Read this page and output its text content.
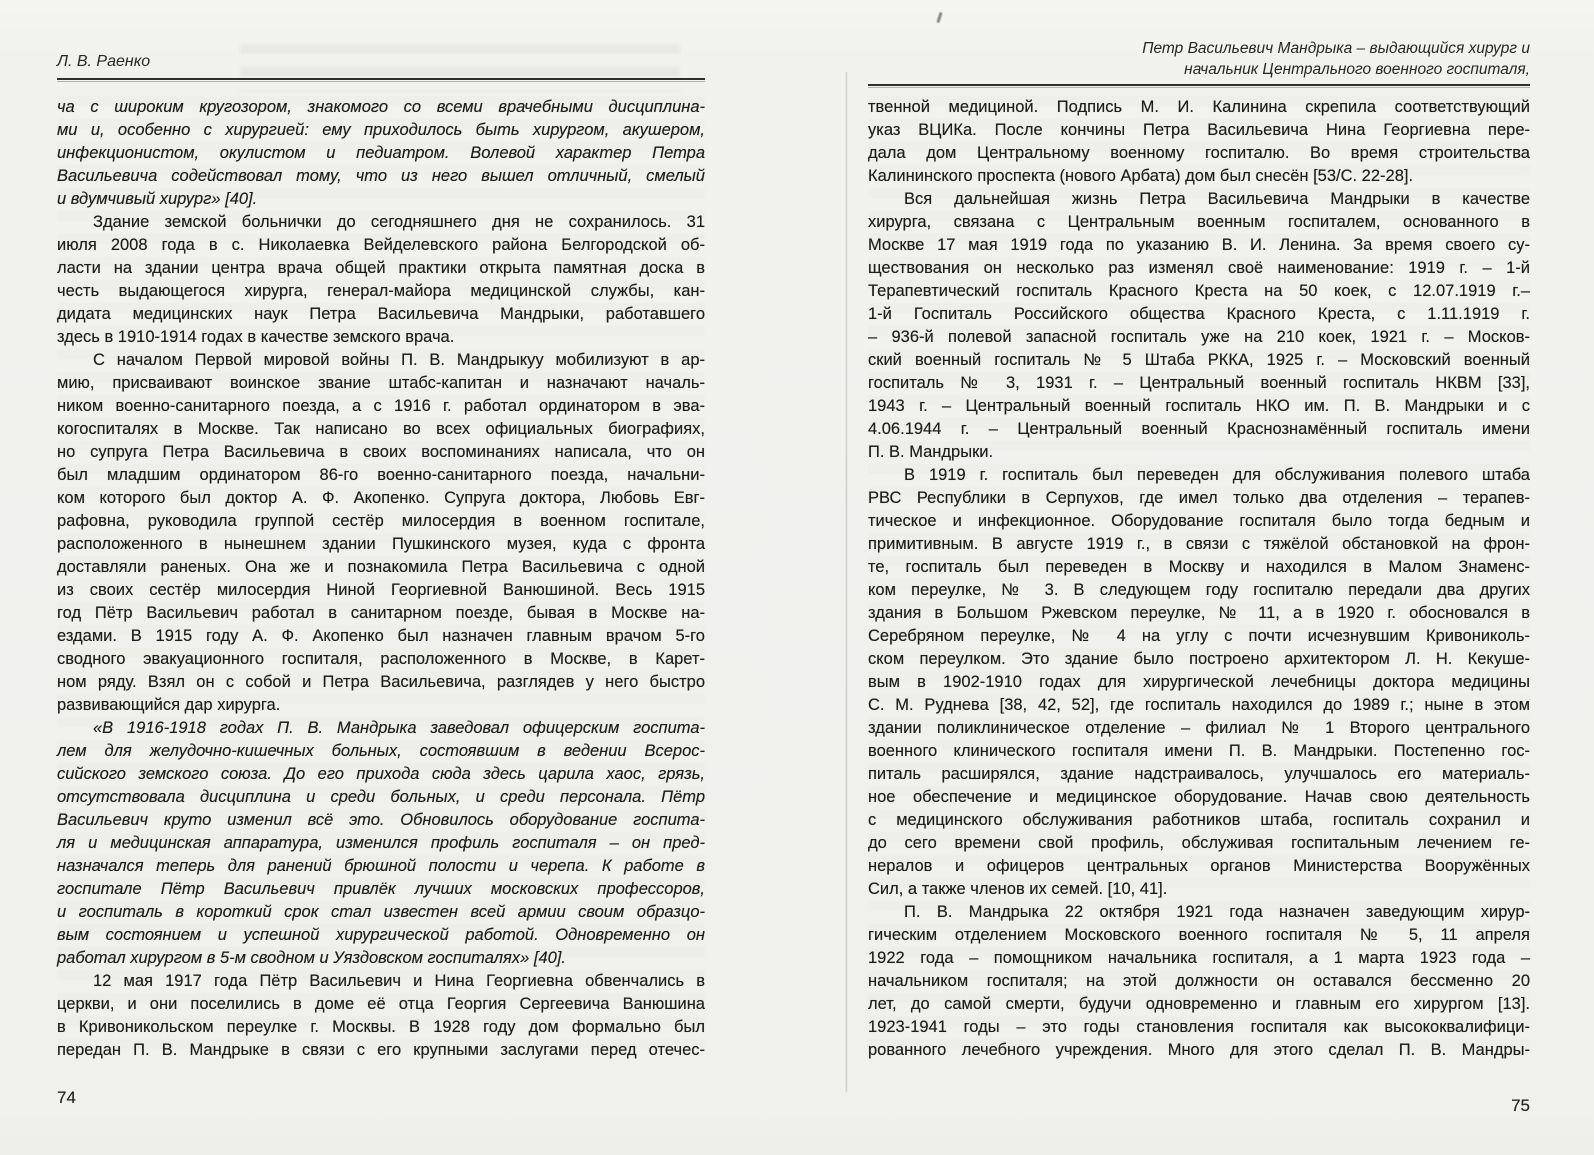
Л. В. Раенко
ча с широким кругозором, знакомого со всеми врачебными дисциплина-
ми и, особенно с хирургией: ему приходилось быть хирургом, акушером,
инфекционистом, окулистом и педиатром. Волевой характер Петра
Васильевича содействовал тому, что из него вышел отличный, смелый
и вдумчивый хирург» [40].
Здание земской больнички до сегодняшнего дня не сохранилось. 31
июля 2008 года в с. Николаевка Вейделевского района Белгородской об-
ласти на здании центра врача общей практики открыта памятная доска в
честь выдающегося хирурга, генерал-майора медицинской службы, кан-
дидата медицинских наук Петра Васильевича Мандрыки, работавшего
здесь в 1910-1914 годах в качестве земского врача.
С началом Первой мировой войны П. В. Мандрыкуу мобилизуют в ар-
мию, присваивают воинское звание штабс-капитан и назначают началь-
ником военно-санитарного поезда, а с 1916 г. работал ординатором в эва-
когоспиталях в Москве. Так написано во всех официальных биографиях,
но супруга Петра Васильевича в своих воспоминаниях написала, что он
был младшим ординатором 86-го военно-санитарного поезда, начальни-
ком которого был доктор А. Ф. Акопенко. Супруга доктора, Любовь Евг-
рафовна, руководила группой сестёр милосердия в военном госпитале,
расположенного в нынешнем здании Пушкинского музея, куда с фронта
доставляли раненых. Она же и познакомила Петра Васильевича с одной
из своих сестёр милосердия Ниной Георгиевной Ванюшиной. Весь 1915
год Пётр Васильевич работал в санитарном поезде, бывая в Москве на-
ездами. В 1915 году А. Ф. Акопенко был назначен главным врачом 5-го
сводного эвакуационного госпиталя, расположенного в Москве, в Карет-
ном ряду. Взял он с собой и Петра Васильевича, разглядев у него быстро
развивающийся дар хирурга.
«В 1916-1918 годах П. В. Мандрыка заведовал офицерским госпита-
лем для желудочно-кишечных больных, состоявшим в ведении Всерос-
сийского земского союза. До его прихода сюда здесь царила хаос, грязь,
отсутствовала дисциплина и среди больных, и среди персонала. Пётр
Васильевич круто изменил всё это. Обновилось оборудование госпита-
ля и медицинская аппаратура, изменился профиль госпиталя – он пред-
назначался теперь для ранений брюшной полости и черепа. К работе в
госпитале Пётр Васильевич привлёк лучших московских профессоров,
и госпиталь в короткий срок стал известен всей армии своим образцо-
вым состоянием и успешной хирургической работой. Одновременно он
работал хирургом в 5-м сводном и Уяздовском госпиталях» [40].
12 мая 1917 года Пётр Васильевич и Нина Георгиевна обвенчались в
церкви, и они поселились в доме её отца Георгия Сергеевича Ванюшина
в Кривоникольском переулке г. Москвы. В 1928 году дом формально был
передан П. В. Мандрыке в связи с его крупными заслугами перед отечес-
74
Петр Васильевич Мандрыка – выдающийся хирург и
начальник Центрального военного госпиталя,
твенной медициной. Подпись М. И. Калинина скрепила соответствующий
указ ВЦИКа. После кончины Петра Васильевича Нина Георгиевна пере-
дала дом Центральному военному госпиталю. Во время строительства
Калининского проспекта (нового Арбата) дом был снесён [53/С. 22-28].
Вся дальнейшая жизнь Петра Васильевича Мандрыки в качестве
хирурга, связана с Центральным военным госпиталем, основанного в
Москве 17 мая 1919 года по указанию В. И. Ленина. За время своего су-
ществования он несколько раз изменял своё наименование: 1919 г. – 1-й
Терапевтический госпиталь Красного Креста на 50 коек, с 12.07.1919 г.–
1-й Госпиталь Российского общества Красного Креста, с 1.11.1919 г.
– 936-й полевой запасной госпиталь уже на 210 коек, 1921 г. – Москов-
ский военный госпиталь № 5 Штаба РККА, 1925 г. – Московский военный
госпиталь № 3, 1931 г. – Центральный военный госпиталь НКВМ [33],
1943 г. – Центральный военный госпиталь НКО им. П. В. Мандрыки и с
4.06.1944 г. – Центральный военный Краснознамённый госпиталь имени
П. В. Мандрыки.
В 1919 г. госпиталь был переведен для обслуживания полевого штаба
РВС Республики в Серпухов, где имел только два отделения – терапев-
тическое и инфекционное. Оборудование госпиталя было тогда бедным и
примитивным. В августе 1919 г., в связи с тяжёлой обстановкой на фрон-
те, госпиталь был переведен в Москву и находился в Малом Знаменс-
ком переулке, № 3. В следующем году госпиталю передали два других
здания в Большом Ржевском переулке, № 11, а в 1920 г. обосновался в
Серебряном переулке, № 4 на углу с почти исчезнувшим Кривониколь-
ском переулком. Это здание было построено архитектором Л. Н. Кекуше-
вым в 1902-1910 годах для хирургической лечебницы доктора медицины
С. М. Руднева [38, 42, 52], где госпиталь находился до 1989 г.; ныне в этом
здании поликлиническое отделение – филиал № 1 Второго центрального
военного клинического госпиталя имени П. В. Мандрыки. Постепенно гос-
питаль расширялся, здание надстраивалось, улучшалось его материаль-
ное обеспечение и медицинское оборудование. Начав свою деятельность
с медицинского обслуживания работников штаба, госпиталь сохранил и
до сего времени свой профиль, обслуживая госпитальным лечением ге-
нералов и офицеров центральных органов Министерства Вооружённых
Сил, а также членов их семей. [10, 41].
П. В. Мандрыка 22 октября 1921 года назначен заведующим хирур-
гическим отделением Московского военного госпиталя № 5, 11 апреля
1922 года – помощником начальника госпиталя, а 1 марта 1923 года –
начальником госпиталя; на этой должности он оставался бессменно 20
лет, до самой смерти, будучи одновременно и главным его хирургом [13].
1923-1941 годы – это годы становления госпиталя как высококвалифици-
рованного лечебного учреждения. Много для этого сделал П. В. Мандры-
75
